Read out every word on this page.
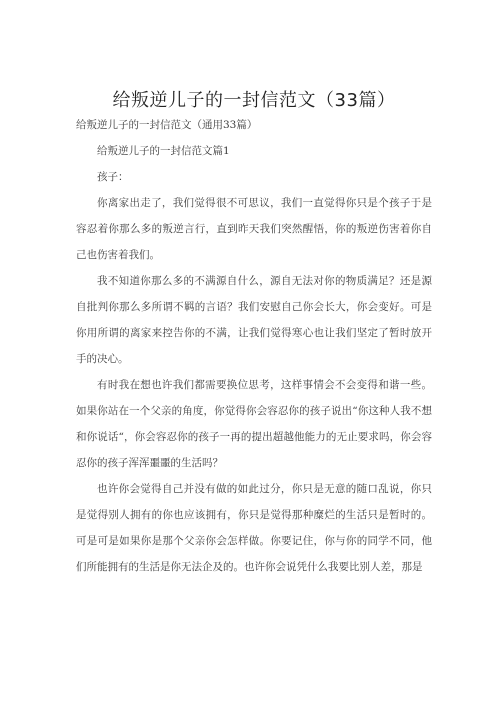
给叛逆儿子的一封信范文（33篇）

给叛逆儿子的一封信范文（通用33篇）

给叛逆儿子的一封信范文篇1

孩子：

你离家出走了，我们觉得很不可思议，我们一直觉得你只是个孩子于是容忍着你那么多的叛逆言行，直到昨天我们突然醒悟，你的叛逆伤害着你自己也伤害着我们。

我不知道你那么多的不满源自什么，源自无法对你的物质满足？还是源自批判你那么多所谓不羁的言语？我们安慰自己你会长大，你会变好。可是你用所谓的离家来控告你的不满，让我们觉得寒心也让我们坚定了暂时放开手的决心。

有时我在想也许我们都需要换位思考，这样事情会不会变得和谐一些。如果你站在一个父亲的角度，你觉得你会容忍你的孩子说出“你这种人我不想和你说话“，你会容忍你的孩子一再的提出超越他能力的无止要求吗，你会容忍你的孩子浑浑噩噩的生活吗？

也许你会觉得自己并没有做的如此过分，你只是无意的随口乱说，你只是觉得别人拥有的你也应该拥有，你只是觉得那种糜烂的生活只是暂时的。可是可是如果你是那个父亲你会怎样做。你要记住，你与你的同学不同，他们所能拥有的生活是你无法企及的。也许你会说凭什么我要比别人差，那是
